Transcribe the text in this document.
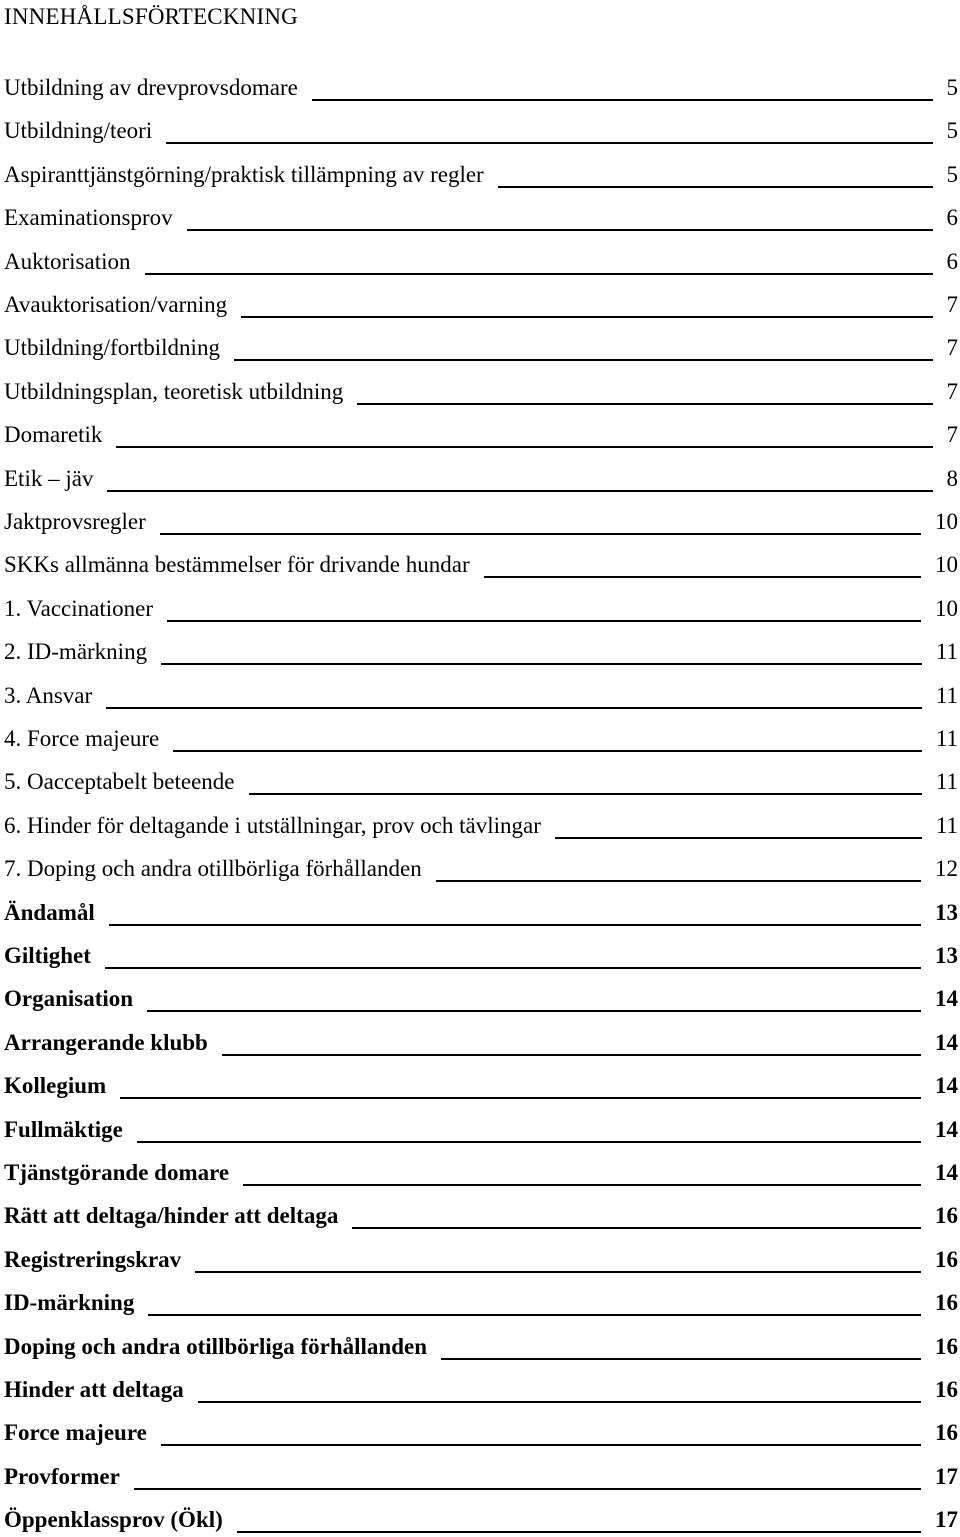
INNEHÅLLSFÖRTECKNING
Utbildning av drevprovsdomare	5
Utbildning/teori	5
Aspiranttjänstgörning/praktisk tillämpning av regler	5
Examinationsprov	6
Auktorisation	6
Avauktorisation/varning	7
Utbildning/fortbildning	7
Utbildningsplan, teoretisk utbildning	7
Domaretik	7
Etik – jäv	8
Jaktprovsregler	10
SKKs allmänna bestämmelser för drivande hundar	10
1. Vaccinationer	10
2. ID-märkning	11
3. Ansvar	11
4. Force majeure	11
5. Oacceptabelt beteende	11
6. Hinder för deltagande i utställningar, prov och tävlingar	11
7. Doping och andra otillbörliga förhållanden	12
Ändamål	13
Giltighet	13
Organisation	14
Arrangerande klubb	14
Kollegium	14
Fullmäktige	14
Tjänstgörande domare	14
Rätt att deltaga/hinder att deltaga	16
Registreringskrav	16
ID-märkning	16
Doping och andra otillbörliga förhållanden	16
Hinder att deltaga	16
Force majeure	16
Provformer	17
Öppenklassprov (Ökl)	17
